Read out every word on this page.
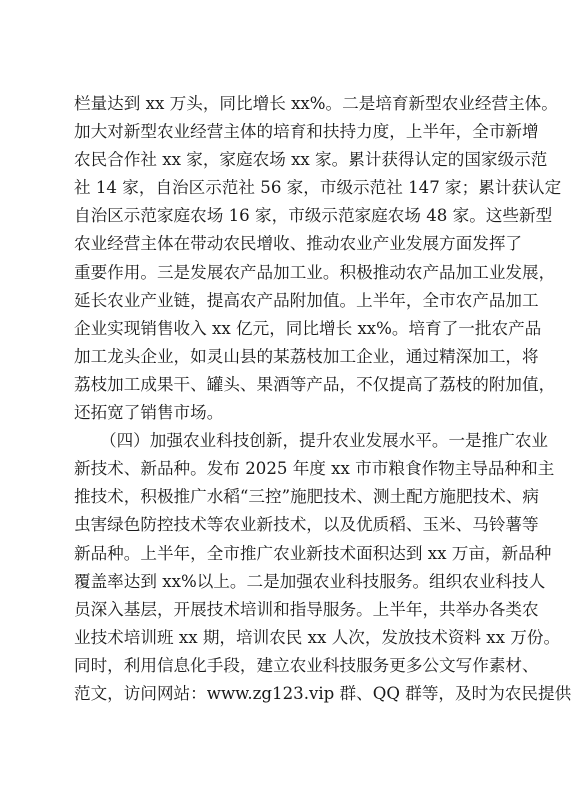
栏量达到 xx 万头，同比增长 xx%。二是培育新型农业经营主体。
加大对新型农业经营主体的培育和扶持力度，上半年，全市新增
农民合作社 xx 家，家庭农场 xx 家。累计获得认定的国家级示范
社 14 家，自治区示范社 56 家，市级示范社 147 家；累计获认定
自治区示范家庭农场 16 家，市级示范家庭农场 48 家。这些新型
农业经营主体在带动农民增收、推动农业产业发展方面发挥了
重要作用。三是发展农产品加工业。积极推动农产品加工业发展，
延长农业产业链，提高农产品附加值。上半年，全市农产品加工
企业实现销售收入 xx 亿元，同比增长 xx%。培育了一批农产品
加工龙头企业，如灵山县的某荔枝加工企业，通过精深加工，将
荔枝加工成果干、罐头、果酒等产品，不仅提高了荔枝的附加值，
还拓宽了销售市场。
（四）加强农业科技创新，提升农业发展水平。一是推广农业
新技术、新品种。发布 2025 年度 xx 市市粮食作物主导品种和主
推技术，积极推广水稻“三控”施肥技术、测土配方施肥技术、病
虫害绿色防控技术等农业新技术，以及优质稻、玉米、马铃薯等
新品种。上半年，全市推广农业新技术面积达到 xx 万亩，新品种
覆盖率达到 xx%以上。二是加强农业科技服务。组织农业科技人
员深入基层，开展技术培训和指导服务。上半年，共举办各类农
业技术培训班 xx 期，培训农民 xx 人次，发放技术资料 xx 万份。
同时，利用信息化手段，建立农业科技服务更多公文写作素材、
范文，访问网站：www.zg123.vip 群、QQ 群等，及时为农民提供
